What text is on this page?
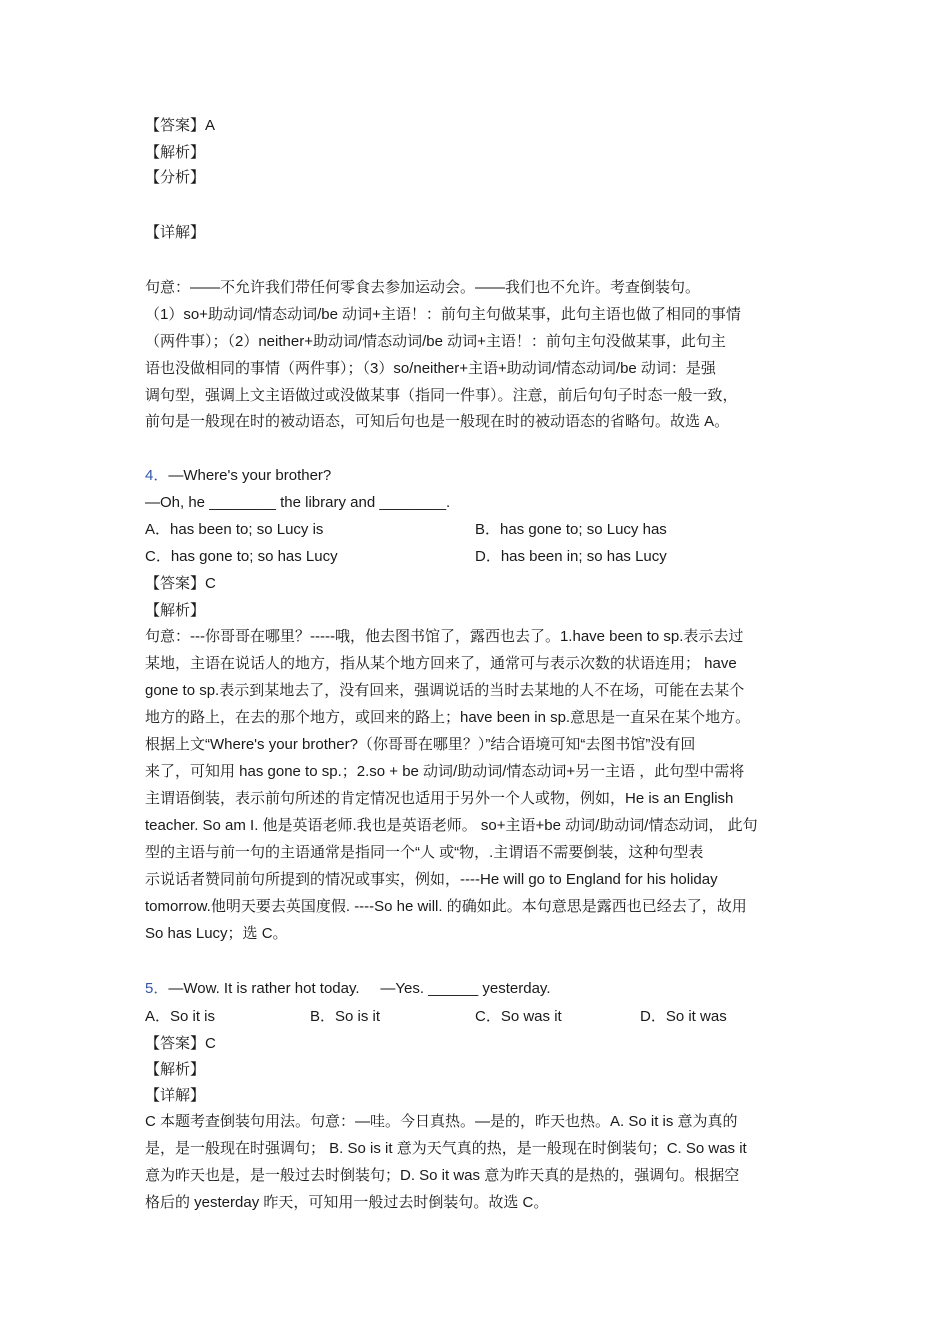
【答案】A
【解析】
【分析】
【详解】
句意：——不允许我们带任何零食去参加运动会。——我们也不允许。考查倒装句。
（1）so+助动词/情态动词/be 动词+主语！：前句主句做某事，此句主语也做了相同的事情
（两件事）；（2）neither+助动词/情态动词/be 动词+主语！：前句主句没做某事，此句主
语也没做相同的事情（两件事）；（3）so/neither+主语+助动词/情态动词/be 动词：是强
调句型，强调上文主语做过或没做某事（指同一件事）。注意，前后句句子时态一般一致，
前句是一般现在时的被动语态，可知后句也是一般现在时的被动语态的省略句。故选 A。
4．—Where's your brother?
—Oh, he ________ the library and ________.
A．has been to; so Lucy is	B．has gone to; so Lucy has
C．has gone to; so has Lucy	D．has been in; so has Lucy
【答案】C
【解析】
句意：---你哥哥在哪里？-----哦，他去图书馆了，露西也去了。1.have been to sp.表示去过
某地，主语在说话人的地方，指从某个地方回来了，通常可与表示次数的状语连用； have
gone to sp.表示到某地去了，没有回来，强调说话的当时去某地的人不在场，可能在去某个
地方的路上，在去的那个地方，或回来的路上；have been in sp.意思是一直呆在某个地方。
根据上文“Where's your brother?（你哥哥在哪里？）”结合语境可知“去图书馆”没有回
来了，可知用 has gone to sp.；2.so + be 动词/助动词/情态动词+另一主语 ，此句型中需将
主谓语倒装，表示前句所述的肯定情况也适用于另外一个人或物，例如，He is an English
teacher. So am I. 他是英语老师.我也是英语老师。 so+主语+be 动词/助动词/情态动词， 此句
型的主语与前一句的主语通常是指同一个“人 或“物，.主谓语不需要倒装，这种句型表
示说话者赞同前句所提到的情况或事实，例如，----He will go to England for his holiday
tomorrow.他明天要去英国度假. ----So he will. 的确如此。本句意思是露西也已经去了，故用
So has Lucy；选 C。
5．—Wow. It is rather hot today.     —Yes. ______ yesterday.
A．So it is	B．So is it	C．So was it	D．So it was
【答案】C
【解析】
【详解】
C 本题考查倒装句用法。句意：—哇。今日真热。—是的，昨天也热。A. So it is 意为真的
是，是一般现在时强调句； B. So is it 意为天气真的热，是一般现在时倒装句；C. So was it
意为昨天也是，是一般过去时倒装句；D. So it was 意为昨天真的是热的，强调句。根据空
格后的 yesterday 昨天，可知用一般过去时倒装句。故选 C。
